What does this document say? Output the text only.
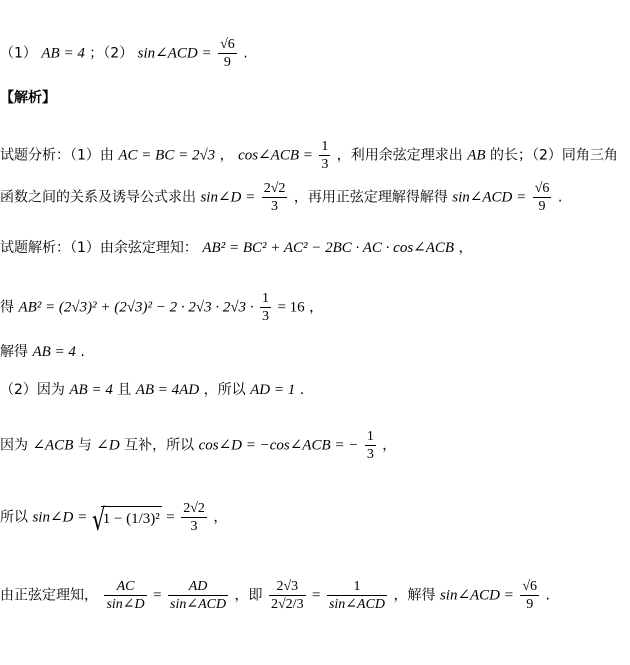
（1） AB = 4 ；（2） sin∠ACD = $\frac{√6}{9}$ .
【解析】
试题分析：（1）由 AC = BC = 2√3 ， cos∠ACB = $\frac{1}{3}$ ，利用余弦定理求出 AB 的长；（2）同角三角
函数之间的关系及诱导公式求出 sin∠D = $\frac{2√2}{3}$ ，再用正弦定理解得解得 sin∠ACD = $\frac{√6}{9}$ .
试题解析：（1）由余弦定理知： AB² = BC² + AC² − 2BC · AC · cos∠ACB ，
得 $AB^2 = (2√3)^2 + (2√3)^2 - 2 \cdot 2√3 \cdot 2√3 \cdot \frac{1}{3} = 16$ ，
解得 AB = 4 .
（2）因为 AB = 4 且 AB = 4AD ，所以 AD = 1 .
因为 ∠ACB 与 ∠D 互补，所以 cos∠D = −cos∠ACB = − $\frac{1}{3}$ ，
所以 sin∠D = √
$1 - (1/3)^2 = \frac{2√2}{3}$ ，
由正弦定理知， $\frac{AC}{\sin\angle D}$ =
AD
sin∠ACD
，即 $\frac{2√3}{2√2/3}$ =
1
sin∠ACD
，解得 sin∠ACD = $\frac{√6}{9}$ .
